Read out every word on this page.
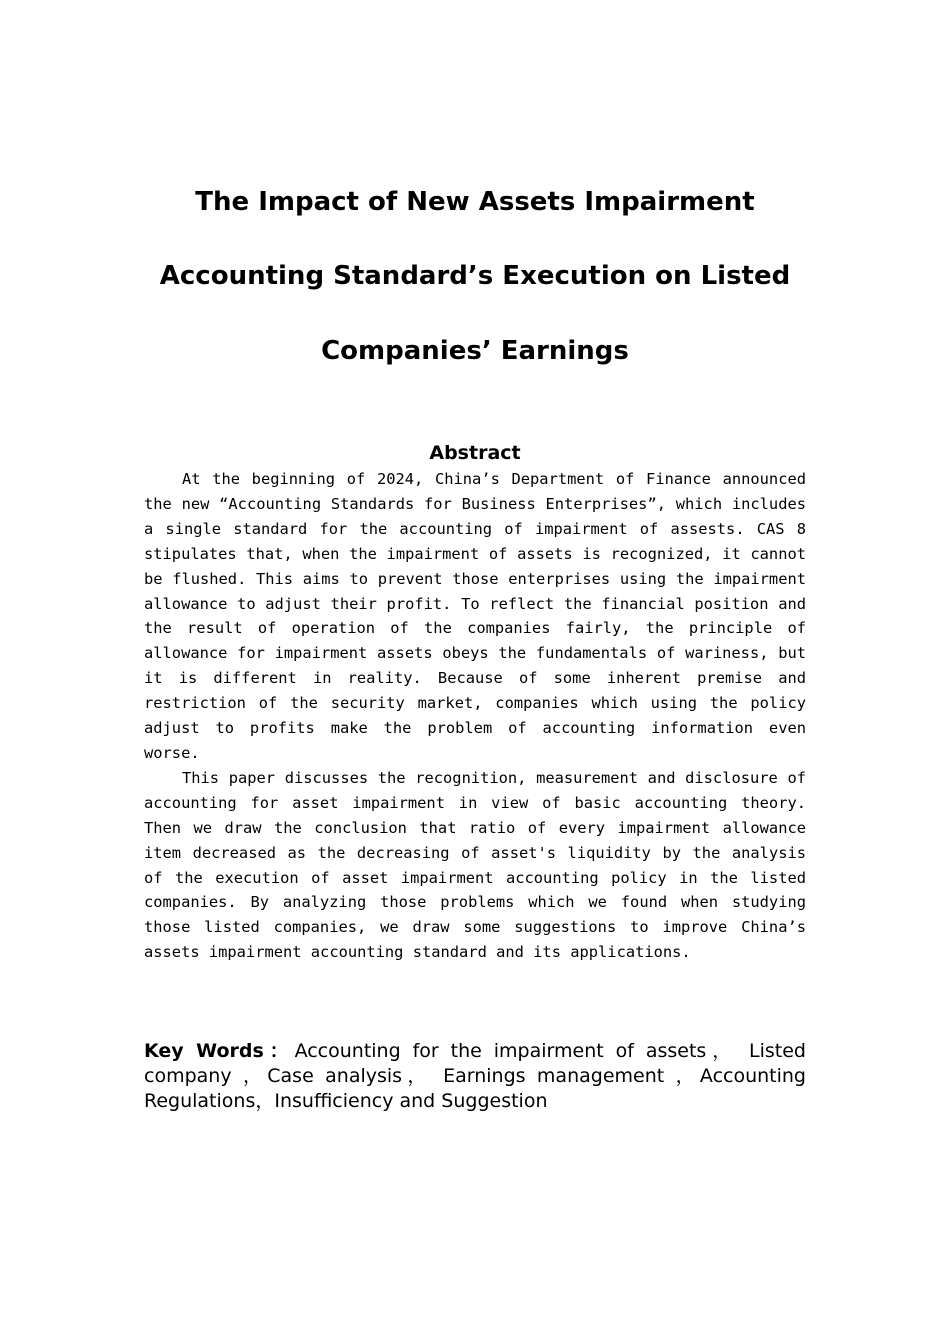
The Impact of New Assets Impairment
Accounting Standard’s Execution on Listed
Companies’ Earnings
Abstract

At the beginning of 2024, China’s Department of Finance announced the new “Accounting Standards for Business Enterprises”, which includes a single standard for the accounting of impairment of assests. CAS 8 stipulates that, when the impairment of assets is recognized, it cannot be flushed. This aims to prevent those enterprises using the impairment allowance to adjust their profit. To reflect the financial position and the result of operation of the companies fairly, the principle of allowance for impairment assets obeys the fundamentals of wariness, but it is different in reality. Because of some inherent premise and restriction of the security market, companies which using the policy adjust to profits make the problem of accounting information even worse.

This paper discusses the recognition, measurement and disclosure of accounting for asset impairment in view of basic accounting theory. Then we draw the conclusion that ratio of every impairment allowance item decreased as the decreasing of asset's liquidity by the analysis of the execution of asset impairment accounting policy in the listed companies. By analyzing those problems which we found when studying those listed companies, we draw some suggestions to improve China’s assets impairment accounting standard and its applications.

Key Words：Accounting for the impairment of assets， Listed company ，Case analysis， Earnings management ，Accounting Regulations，Insufficiency and Suggestion
